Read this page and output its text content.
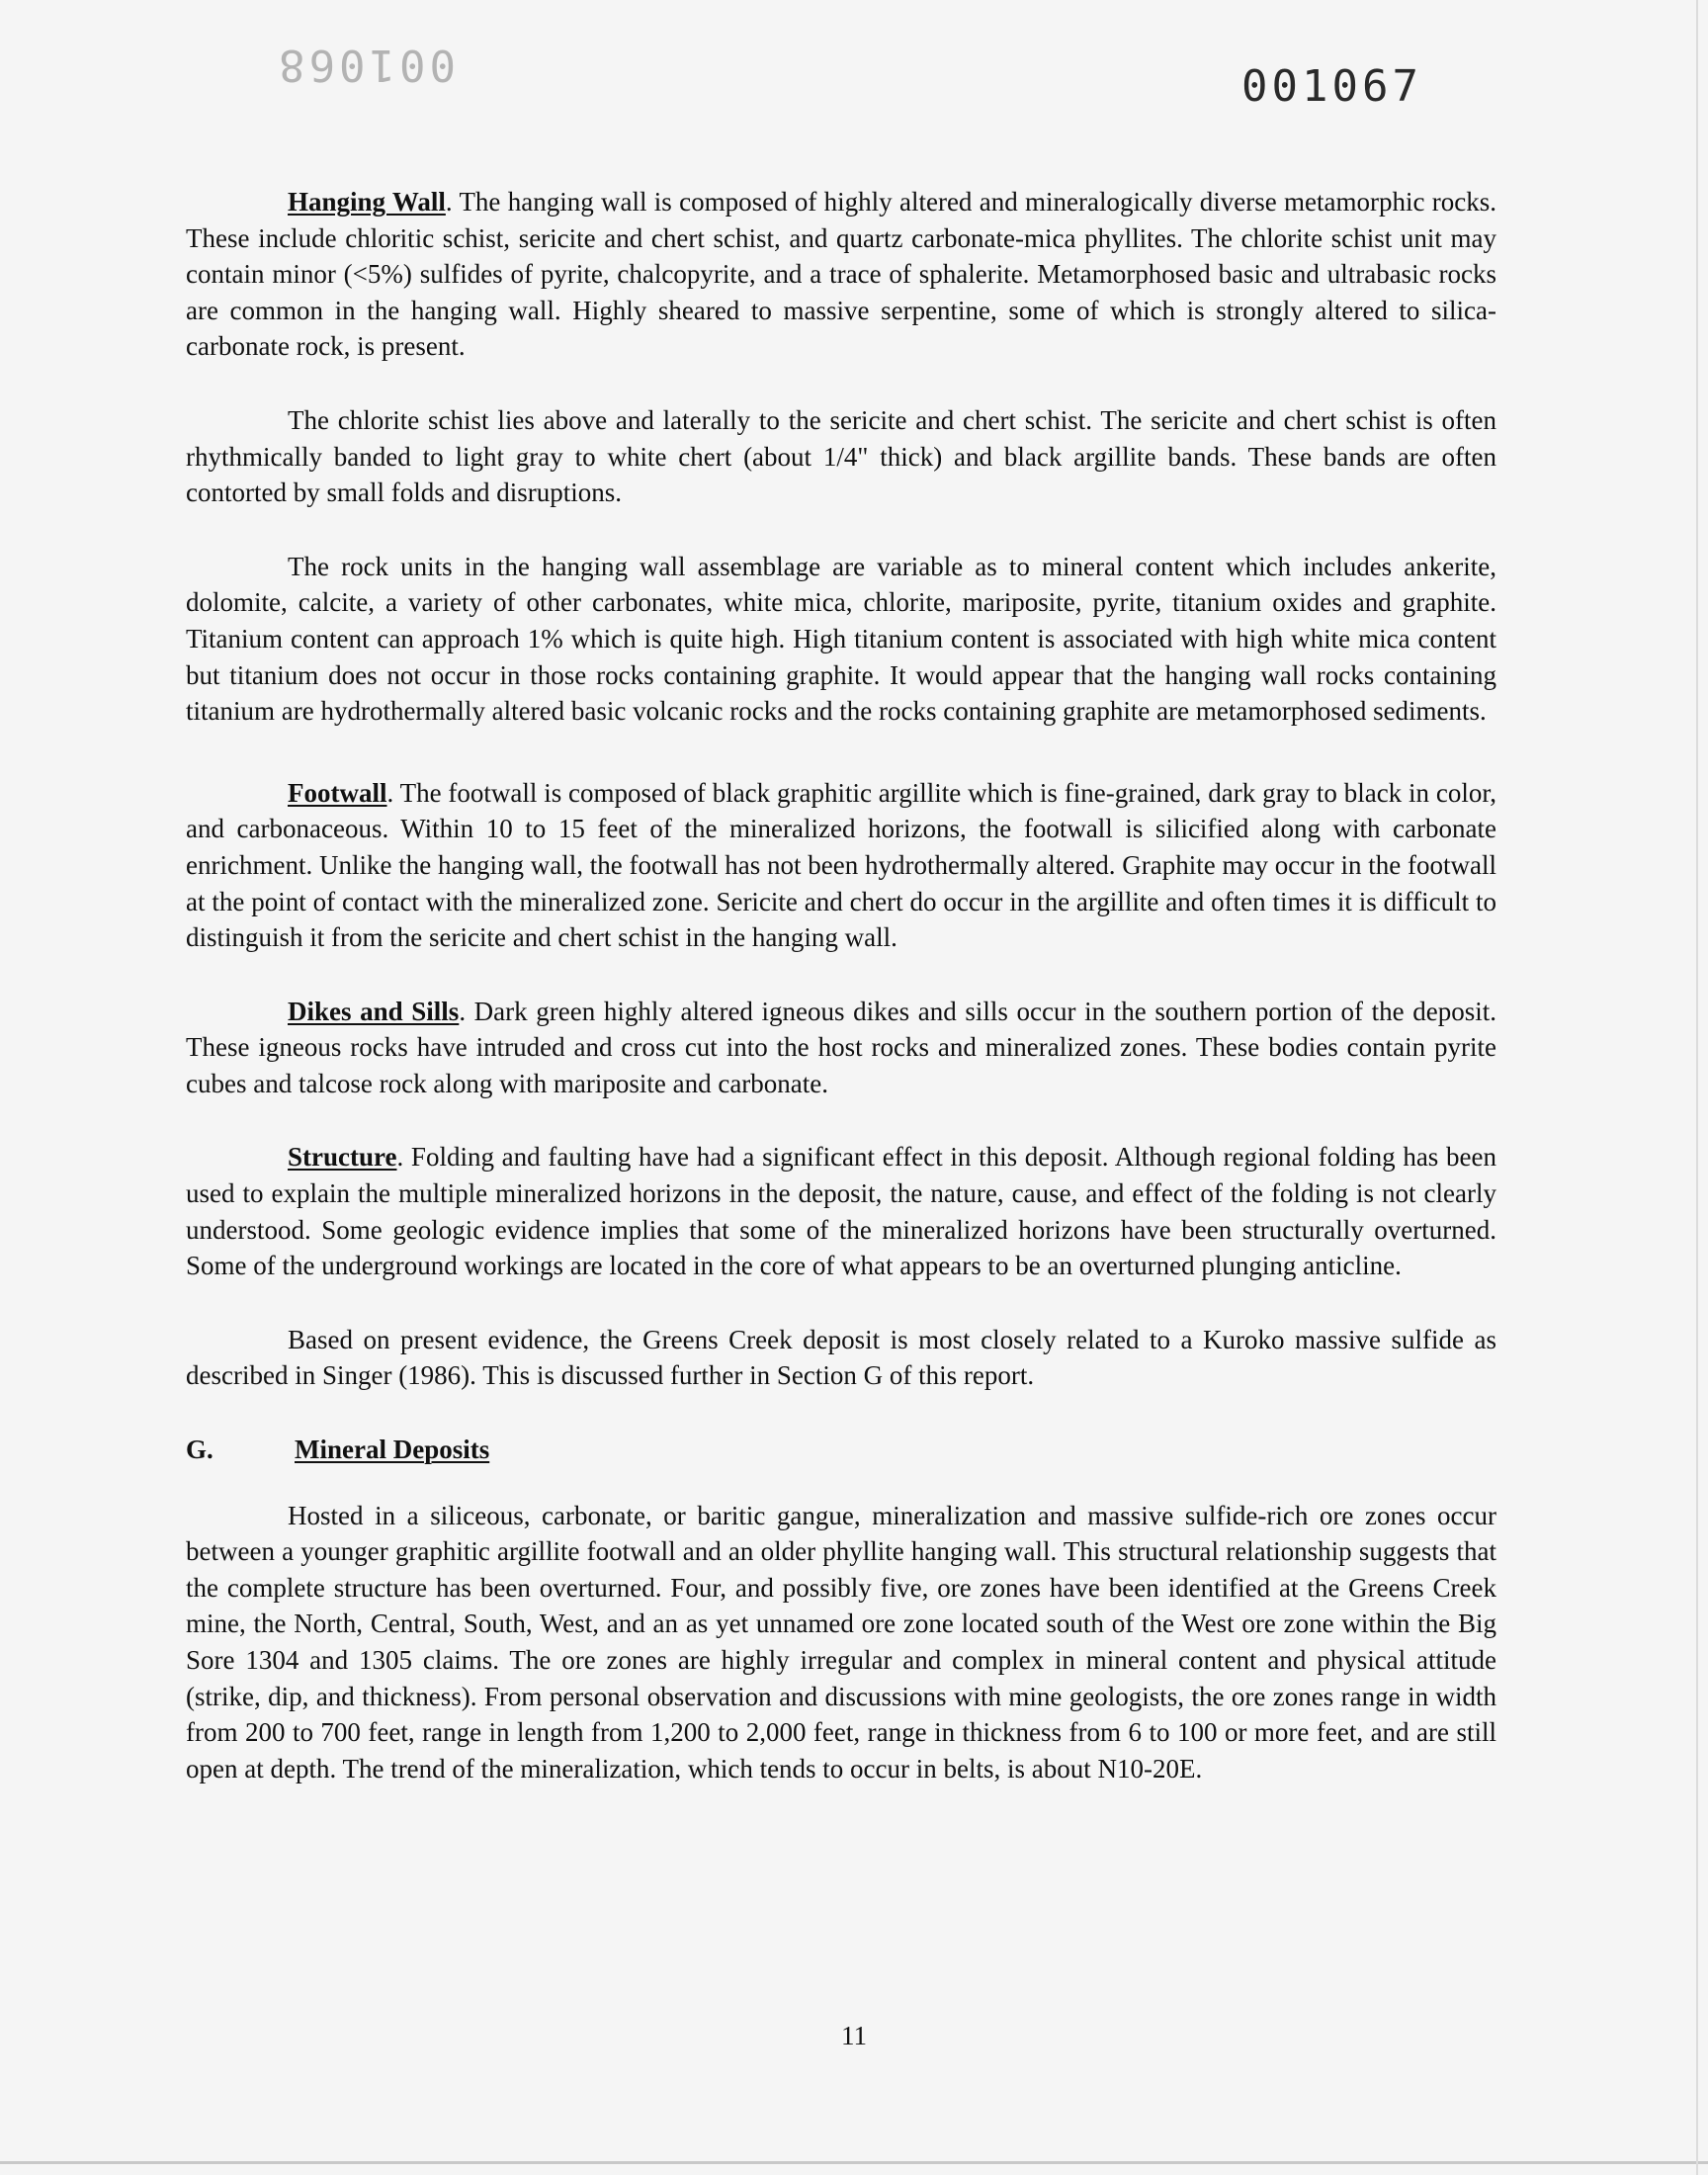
001068	001067

Hanging Wall. The hanging wall is composed of highly altered and mineralogically diverse metamorphic rocks. These include chloritic schist, sericite and chert schist, and quartz carbonate-mica phyllites. The chlorite schist unit may contain minor (<5%) sulfides of pyrite, chalcopyrite, and a trace of sphalerite. Metamorphosed basic and ultrabasic rocks are common in the hanging wall. Highly sheared to massive serpentine, some of which is strongly altered to silica-carbonate rock, is present.

The chlorite schist lies above and laterally to the sericite and chert schist. The sericite and chert schist is often rhythmically banded to light gray to white chert (about 1/4" thick) and black argillite bands. These bands are often contorted by small folds and disruptions.

The rock units in the hanging wall assemblage are variable as to mineral content which includes ankerite, dolomite, calcite, a variety of other carbonates, white mica, chlorite, mariposite, pyrite, titanium oxides and graphite. Titanium content can approach 1% which is quite high. High titanium content is associated with high white mica content but titanium does not occur in those rocks containing graphite. It would appear that the hanging wall rocks containing titanium are hydrothermally altered basic volcanic rocks and the rocks containing graphite are metamorphosed sediments.

Footwall. The footwall is composed of black graphitic argillite which is fine-grained, dark gray to black in color, and carbonaceous. Within 10 to 15 feet of the mineralized horizons, the footwall is silicified along with carbonate enrichment. Unlike the hanging wall, the footwall has not been hydrothermally altered. Graphite may occur in the footwall at the point of contact with the mineralized zone. Sericite and chert do occur in the argillite and often times it is difficult to distinguish it from the sericite and chert schist in the hanging wall.

Dikes and Sills. Dark green highly altered igneous dikes and sills occur in the southern portion of the deposit. These igneous rocks have intruded and cross cut into the host rocks and mineralized zones. These bodies contain pyrite cubes and talcose rock along with mariposite and carbonate.

Structure. Folding and faulting have had a significant effect in this deposit. Although regional folding has been used to explain the multiple mineralized horizons in the deposit, the nature, cause, and effect of the folding is not clearly understood. Some geologic evidence implies that some of the mineralized horizons have been structurally overturned. Some of the underground workings are located in the core of what appears to be an overturned plunging anticline.

Based on present evidence, the Greens Creek deposit is most closely related to a Kuroko massive sulfide as described in Singer (1986). This is discussed further in Section G of this report.

G.	Mineral Deposits

Hosted in a siliceous, carbonate, or baritic gangue, mineralization and massive sulfide-rich ore zones occur between a younger graphitic argillite footwall and an older phyllite hanging wall. This structural relationship suggests that the complete structure has been overturned. Four, and possibly five, ore zones have been identified at the Greens Creek mine, the North, Central, South, West, and an as yet unnamed ore zone located south of the West ore zone within the Big Sore 1304 and 1305 claims. The ore zones are highly irregular and complex in mineral content and physical attitude (strike, dip, and thickness). From personal observation and discussions with mine geologists, the ore zones range in width from 200 to 700 feet, range in length from 1,200 to 2,000 feet, range in thickness from 6 to 100 or more feet, and are still open at depth. The trend of the mineralization, which tends to occur in belts, is about N10-20E.

11
